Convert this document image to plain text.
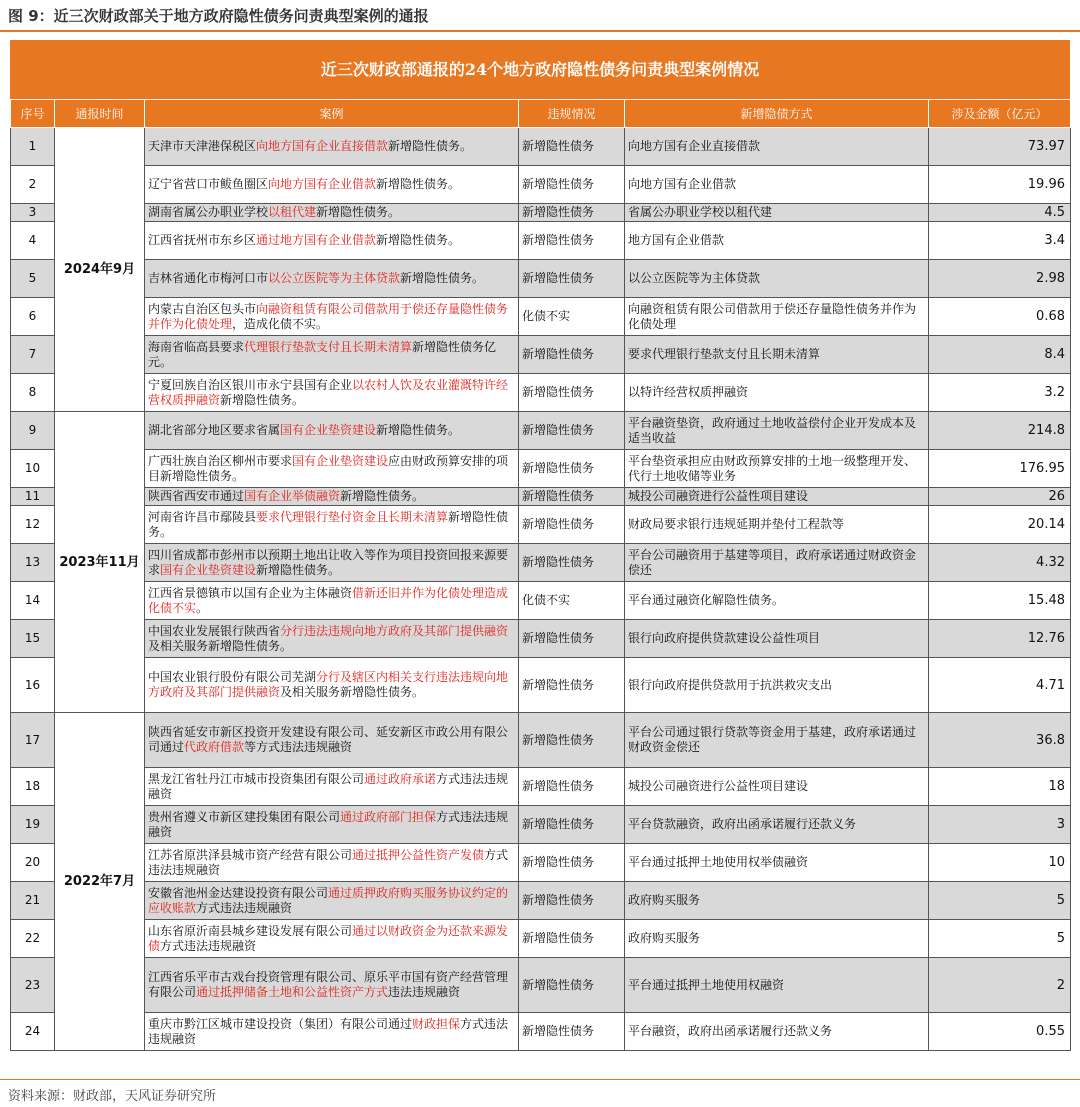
图 9：近三次财政部关于地方政府隐性债务问责典型案例的通报
近三次财政部通报的24个地方政府隐性债务问责典型案例情况
序号	通报时间	案例	违规情况	新增隐债方式	涉及金额（亿元）
1	2024年9月	天津市天津港保税区向地方国有企业直接借款新增隐性债务。	新增隐性债务	向地方国有企业直接借款	73.97
2		辽宁省营口市鲅鱼圈区向地方国有企业借款新增隐性债务。	新增隐性债务	向地方国有企业借款	19.96
3		湖南省属公办职业学校以租代建新增隐性债务。	新增隐性债务	省属公办职业学校以租代建	4.5
4		江西省抚州市东乡区通过地方国有企业借款新增隐性债务。	新增隐性债务	地方国有企业借款	3.4
5		吉林省通化市梅河口市以公立医院等为主体贷款新增隐性债务。	新增隐性债务	以公立医院等为主体贷款	2.98
6		内蒙古自治区包头市向融资租赁有限公司借款用于偿还存量隐性债务并作为化债处理，造成化债不实。	化债不实	向融资租赁有限公司借款用于偿还存量隐性债务并作为化债处理	0.68
7		海南省临高县要求代理银行垫款支付且长期未清算新增隐性债务亿元。	新增隐性债务	要求代理银行垫款支付且长期未清算	8.4
8		宁夏回族自治区银川市永宁县国有企业以农村人饮及农业灌溉特许经营权质押融资新增隐性债务。	新增隐性债务	以特许经营权质押融资	3.2
9	2023年11月	湖北省部分地区要求省属国有企业垫资建设新增隐性债务。	新增隐性债务	平台融资垫资，政府通过土地收益偿付企业开发成本及适当收益	214.8
10		广西壮族自治区柳州市要求国有企业垫资建设应由财政预算安排的项目新增隐性债务。	新增隐性债务	平台垫资承担应由财政预算安排的土地一级整理开发、代行土地收储等业务	176.95
11		陕西省西安市通过国有企业举债融资新增隐性债务。	新增隐性债务	城投公司融资进行公益性项目建设	26
12		河南省许昌市鄢陵县要求代理银行垫付资金且长期未清算新增隐性债务。	新增隐性债务	财政局要求银行违规延期并垫付工程款等	20.14
13		四川省成都市彭州市以预期土地出让收入等作为项目投资回报来源要求国有企业垫资建设新增隐性债务。	新增隐性债务	平台公司融资用于基建等项目，政府承诺通过财政资金偿还	4.32
14		江西省景德镇市以国有企业为主体融资借新还旧并作为化债处理造成化债不实。	化债不实	平台通过融资化解隐性债务。	15.48
15		中国农业发展银行陕西省分行违法违规向地方政府及其部门提供融资及相关服务新增隐性债务。	新增隐性债务	银行向政府提供贷款建设公益性项目	12.76
16		中国农业银行股份有限公司芜湖分行及辖区内相关支行违法违规向地方政府及其部门提供融资及相关服务新增隐性债务。	新增隐性债务	银行向政府提供贷款用于抗洪救灾支出	4.71
17	2022年7月	陕西省延安市新区投资开发建设有限公司、延安新区市政公用有限公司通过代政府借款等方式违法违规融资	新增隐性债务	平台公司通过银行贷款等资金用于基建，政府承诺通过财政资金偿还	36.8
18		黑龙江省牡丹江市城市投资集团有限公司通过政府承诺方式违法违规融资	新增隐性债务	城投公司融资进行公益性项目建设	18
19		贵州省遵义市新区建投集团有限公司通过政府部门担保方式违法违规融资	新增隐性债务	平台贷款融资，政府出函承诺履行还款义务	3
20		江苏省原洪泽县城市资产经营有限公司通过抵押公益性资产发债方式违法违规融资	新增隐性债务	平台通过抵押土地使用权举债融资	10
21		安徽省池州金达建设投资有限公司通过质押政府购买服务协议约定的应收账款方式违法违规融资	新增隐性债务	政府购买服务	5
22		山东省原沂南县城乡建设发展有限公司通过以财政资金为还款来源发债方式违法违规融资	新增隐性债务	政府购买服务	5
23		江西省乐平市古戏台投资管理有限公司、原乐平市国有资产经营管理有限公司通过抵押储备土地和公益性资产方式违法违规融资	新增隐性债务	平台通过抵押土地使用权融资	2
24		重庆市黔江区城市建设投资（集团）有限公司通过财政担保方式违法违规融资	新增隐性债务	平台融资，政府出函承诺履行还款义务	0.55
资料来源：财政部，天风证券研究所
